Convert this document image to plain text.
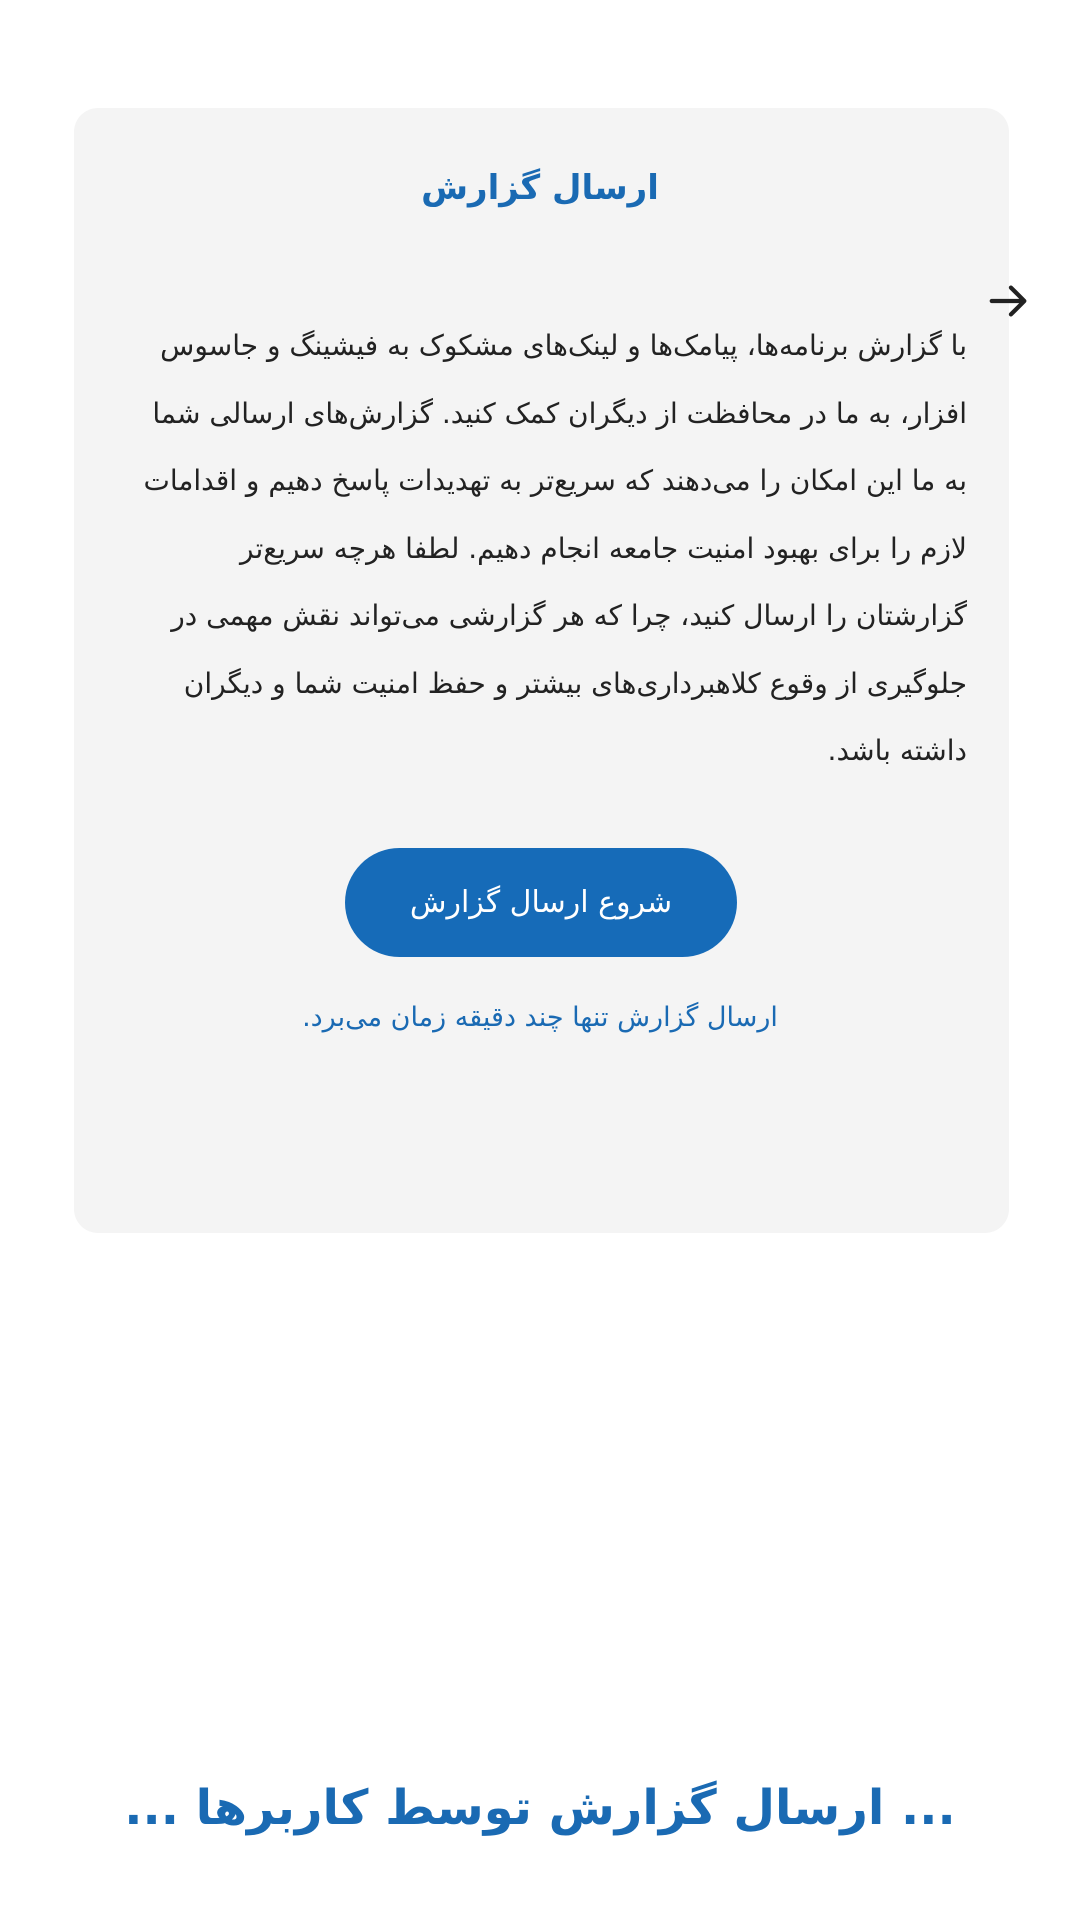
ارسال گزارش
با گزارش برنامه‌ها، پیامک‌ها و لینک‌های مشکوک به فیشینگ و جاسوس افزار، به ما در محافظت از دیگران کمک کنید. گزارش‌های ارسالی شما به ما این امکان را می‌دهند که سریع‌تر به تهدیدات پاسخ دهیم و اقدامات لازم را برای بهبود امنیت جامعه انجام دهیم. لطفا هرچه سریع‌تر گزارشتان را ارسال کنید، چرا که هر گزارشی می‌تواند نقش مهمی در جلوگیری از وقوع کلاهبرداری‌های بیشتر و حفظ امنیت شما و دیگران داشته باشد.
شروع ارسال گزارش
ارسال گزارش تنها چند دقیقه زمان می‌برد.
... ارسال گزارش توسط کاربرها ...
